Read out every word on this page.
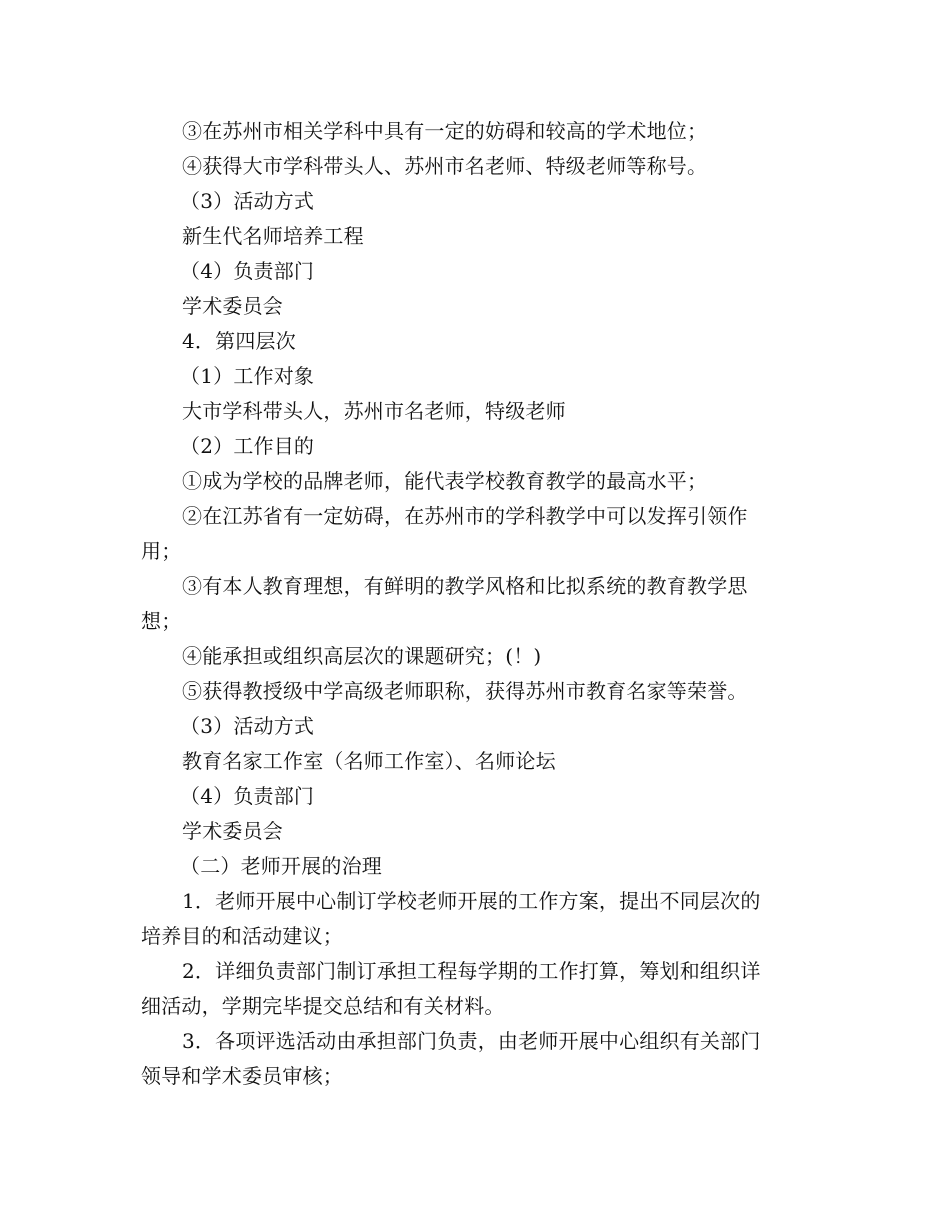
③在苏州市相关学科中具有一定的妨碍和较高的学术地位；
④获得大市学科带头人、苏州市名老师、特级老师等称号。
（3）活动方式
新生代名师培养工程
（4）负责部门
学术委员会
4．第四层次
（1）工作对象
大市学科带头人，苏州市名老师，特级老师
（2）工作目的
①成为学校的品牌老师，能代表学校教育教学的最高水平；
②在江苏省有一定妨碍，在苏州市的学科教学中可以发挥引领作
用；
③有本人教育理想，有鲜明的教学风格和比拟系统的教育教学思
想；
④能承担或组织高层次的课题研究；(！)
⑤获得教授级中学高级老师职称，获得苏州市教育名家等荣誉。
（3）活动方式
教育名家工作室（名师工作室）、名师论坛
（4）负责部门
学术委员会
（二）老师开展的治理
1．老师开展中心制订学校老师开展的工作方案，提出不同层次的
培养目的和活动建议；
2．详细负责部门制订承担工程每学期的工作打算，筹划和组织详
细活动，学期完毕提交总结和有关材料。
3．各项评选活动由承担部门负责，由老师开展中心组织有关部门
领导和学术委员审核；
